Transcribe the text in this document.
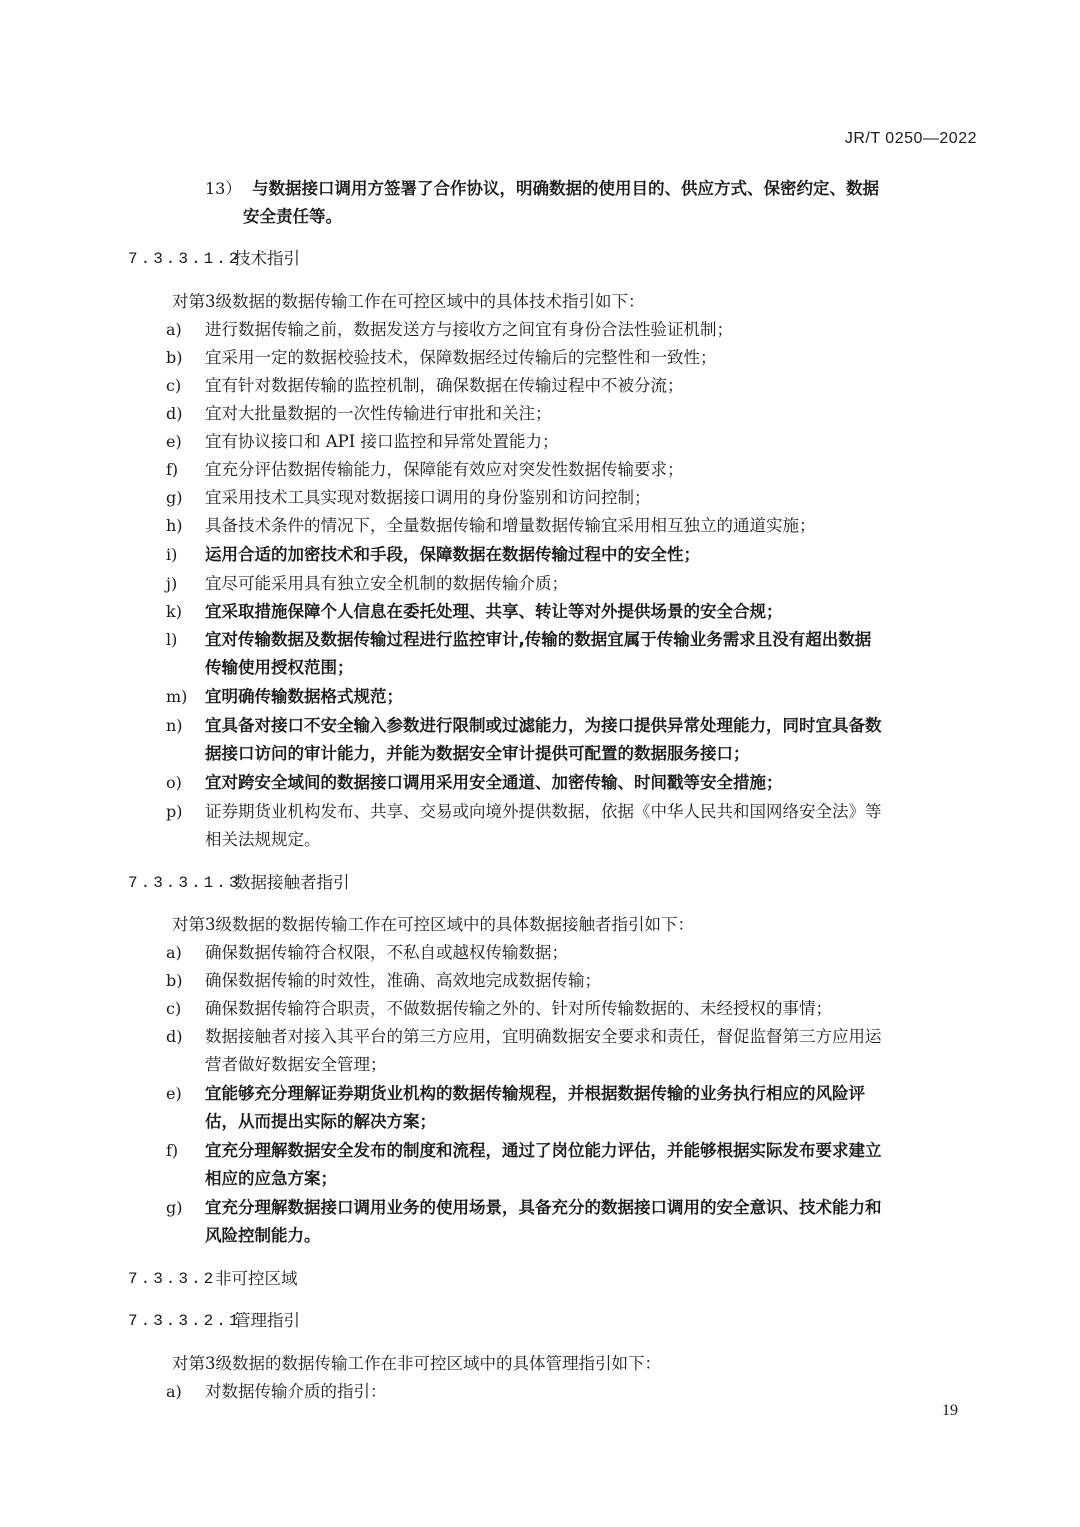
JR/T 0250—2022
13） 与数据接口调用方签署了合作协议，明确数据的使用目的、供应方式、保密约定、数据
安全责任等。
7.3.3.1.2
技术指引
对第3级数据的数据传输工作在可控区域中的具体技术指引如下：
a) 进行数据传输之前，数据发送方与接收方之间宜有身份合法性验证机制；
b) 宜采用一定的数据校验技术，保障数据经过传输后的完整性和一致性；
c) 宜有针对数据传输的监控机制，确保数据在传输过程中不被分流；
d) 宜对大批量数据的一次性传输进行审批和关注；
e) 宜有协议接口和 API 接口监控和异常处置能力；
f) 宜充分评估数据传输能力，保障能有效应对突发性数据传输要求；
g) 宜采用技术工具实现对数据接口调用的身份鉴别和访问控制；
h) 具备技术条件的情况下，全量数据传输和增量数据传输宜采用相互独立的通道实施；
i) 运用合适的加密技术和手段，保障数据在数据传输过程中的安全性；
j) 宜尽可能采用具有独立安全机制的数据传输介质；
k) 宜采取措施保障个人信息在委托处理、共享、转让等对外提供场景的安全合规；
l) 宜对传输数据及数据传输过程进行监控审计,传输的数据宜属于传输业务需求且没有超出数据
传输使用授权范围；
m) 宜明确传输数据格式规范；
n) 宜具备对接口不安全输入参数进行限制或过滤能力，为接口提供异常处理能力，同时宜具备数
据接口访问的审计能力，并能为数据安全审计提供可配置的数据服务接口；
o) 宜对跨安全域间的数据接口调用采用安全通道、加密传输、时间戳等安全措施；
p) 证券期货业机构发布、共享、交易或向境外提供数据，依据《中华人民共和国网络安全法》等
相关法规规定。
7.3.3.1.3
数据接触者指引
对第3级数据的数据传输工作在可控区域中的具体数据接触者指引如下：
a) 确保数据传输符合权限，不私自或越权传输数据；
b) 确保数据传输的时效性，准确、高效地完成数据传输；
c) 确保数据传输符合职责，不做数据传输之外的、针对所传输数据的、未经授权的事情；
d) 数据接触者对接入其平台的第三方应用，宜明确数据安全要求和责任，督促监督第三方应用运
营者做好数据安全管理；
e) 宜能够充分理解证券期货业机构的数据传输规程，并根据数据传输的业务执行相应的风险评
估，从而提出实际的解决方案；
f) 宜充分理解数据安全发布的制度和流程，通过了岗位能力评估，并能够根据实际发布要求建立
相应的应急方案；
g) 宜充分理解数据接口调用业务的使用场景，具备充分的数据接口调用的安全意识、技术能力和
风险控制能力。
7.3.3.2
非可控区域
7.3.3.2.1
管理指引
对第3级数据的数据传输工作在非可控区域中的具体管理指引如下：
a) 对数据传输介质的指引：
19
